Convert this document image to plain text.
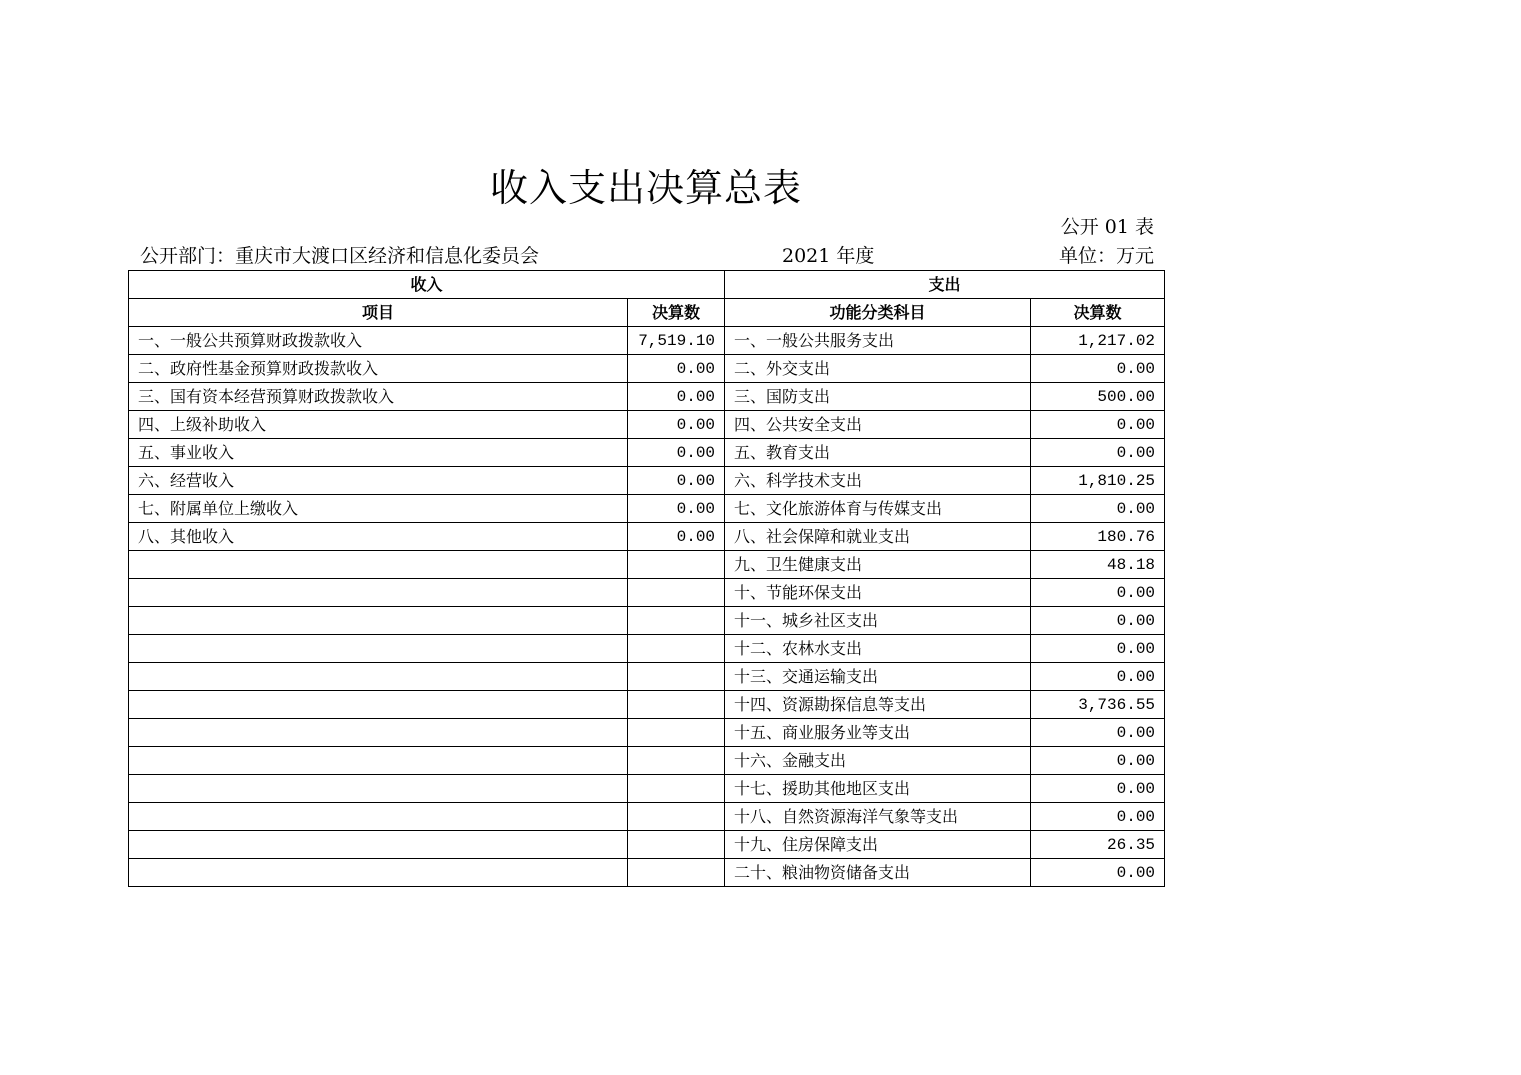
收入支出决算总表
公开 01 表
公开部门：重庆市大渡口区经济和信息化委员会	2021 年度	单位：万元
收入		支出	
项目	决算数	功能分类科目	决算数
一、一般公共预算财政拨款收入	7,519.10	一、一般公共服务支出	1,217.02
二、政府性基金预算财政拨款收入	0.00	二、外交支出	0.00
三、国有资本经营预算财政拨款收入	0.00	三、国防支出	500.00
四、上级补助收入	0.00	四、公共安全支出	0.00
五、事业收入	0.00	五、教育支出	0.00
六、经营收入	0.00	六、科学技术支出	1,810.25
七、附属单位上缴收入	0.00	七、文化旅游体育与传媒支出	0.00
八、其他收入	0.00	八、社会保障和就业支出	180.76
		九、卫生健康支出	48.18
		十、节能环保支出	0.00
		十一、城乡社区支出	0.00
		十二、农林水支出	0.00
		十三、交通运输支出	0.00
		十四、资源勘探信息等支出	3,736.55
		十五、商业服务业等支出	0.00
		十六、金融支出	0.00
		十七、援助其他地区支出	0.00
		十八、自然资源海洋气象等支出	0.00
		十九、住房保障支出	26.35
		二十、粮油物资储备支出	0.00
